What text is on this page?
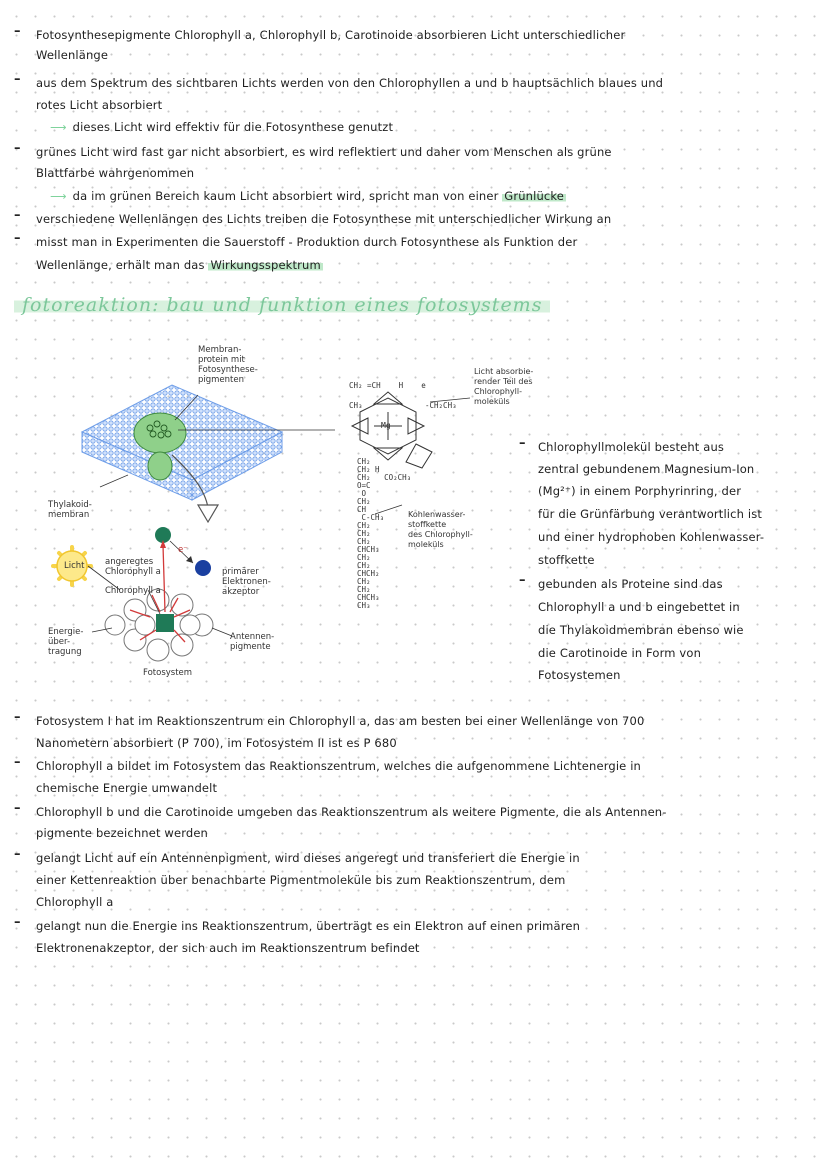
– Fotosynthesepigmente Chlorophyll a, Chlorophyll b, Carotinoide absorbieren Licht unterschiedlicher
Wellenlänge
– aus dem Spektrum des sichtbaren Lichts werden von den Chlorophyllen a und b hauptsächlich blaues und
rotes Licht absorbiert
⟶ dieses Licht wird effektiv für die Fotosynthese genutzt
– grünes Licht wird fast gar nicht absorbiert, es wird reflektiert und daher vom Menschen als grüne
Blattfarbe wahrgenommen
⟶ da im grünen Bereich kaum Licht absorbiert wird, spricht man von einer Grünlücke
– verschiedene Wellenlängen des Lichts treiben die Fotosynthese mit unterschiedlicher Wirkung an
– misst man in Experimenten die Sauerstoff - Produktion durch Fotosynthese als Funktion der
Wellenlänge, erhält man das Wirkungsspektrum
fotoreaktion: bau und funktion eines fotosystems
Membran-
protein mit
Fotosynthese-
pigmenten
Thylakoid-
membran
Licht angeregtes
Chlorophyll a
Chlorophyll a
e⁻
primärer
Elektronen-
akzeptor
Energie-
über-
tragung
Antennen-
pigmente
Fotosystem
CH₂ =CH    H    e
CH₃	-CH₂CH₃
Mg
CH₂
CH₂ H
CH₂   CO₂CH₃
O=C
O
CH₂
CH
C-CH₃
CH₂
CH₂
CH₂
CHCH₃
CH₂
CH₂
CHCH₂
CH₂
CH₂
CHCH₃
CH₃
Licht absorbie-
render Teil des
Chlorophyll-
moleküls
Kohlenwasser-
stoffkette
des Chlorophyll-
moleküls
– Chlorophyllmolekül besteht aus
zentral gebundenem Magnesium-Ion
(Mg²⁺) in einem Porphyrinring, der
für die Grünfärbung verantwortlich ist
und einer hydrophoben Kohlenwasser-
stoffkette
– gebunden als Proteine sind das
Chlorophyll a und b eingebettet in
die Thylakoidmembran ebenso wie
die Carotinoide in Form von
Fotosystemen
– Fotosystem I hat im Reaktionszentrum ein Chlorophyll a, das am besten bei einer Wellenlänge von 700
Nanometern absorbiert (P 700), im Fotosystem II ist es P 680
– Chlorophyll a bildet im Fotosystem das Reaktionszentrum, welches die aufgenommene Lichtenergie in
chemische Energie umwandelt
– Chlorophyll b und die Carotinoide umgeben das Reaktionszentrum als weitere Pigmente, die als Antennen-
pigmente bezeichnet werden
– gelangt Licht auf ein Antennenpigment, wird dieses angeregt und transferiert die Energie in
einer Kettenreaktion über benachbarte Pigmentmoleküle bis zum Reaktionszentrum, dem
Chlorophyll a
– gelangt nun die Energie ins Reaktionszentrum, überträgt es ein Elektron auf einen primären
Elektronenakzeptor, der sich auch im Reaktionszentrum befindet
